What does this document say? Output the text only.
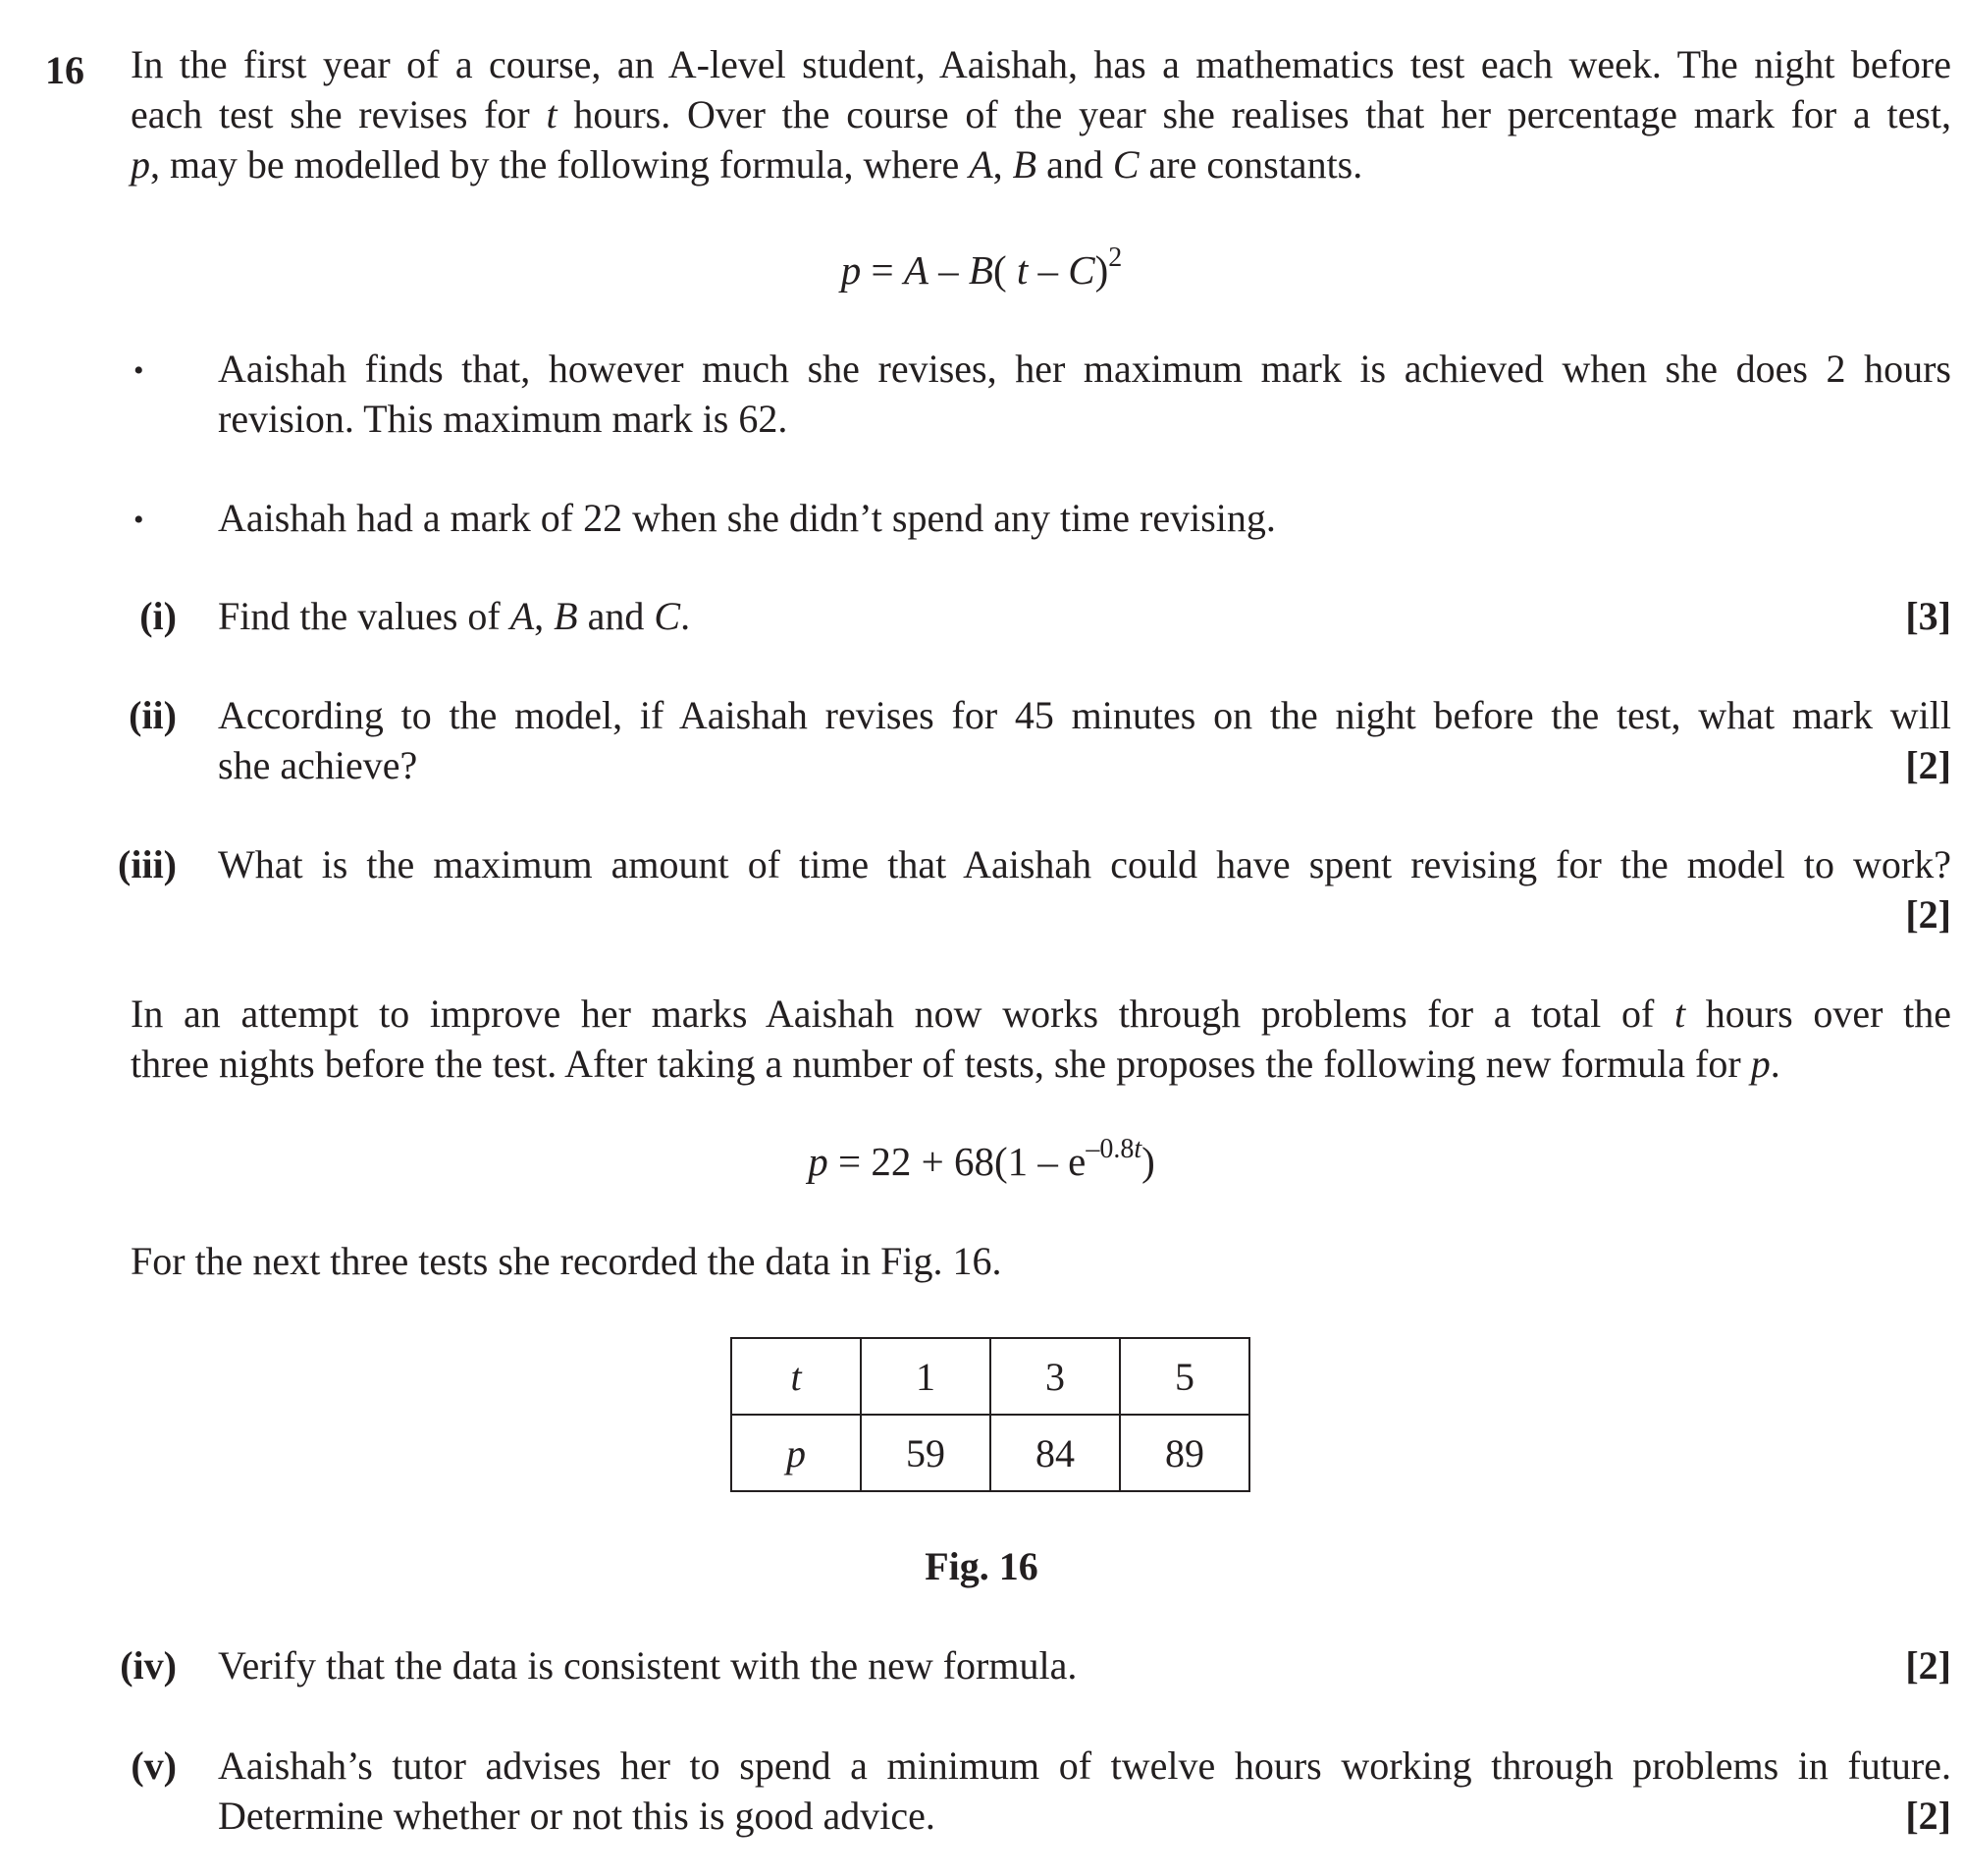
16 In the first year of a course, an A-level student, Aaishah, has a mathematics test each week. The night before
each test she revises for t hours. Over the course of the year she realises that her percentage mark for a test,
p, may be modelled by the following formula, where A, B and C are constants.
p = A – B( t – C)$^2$
• Aaishah finds that, however much she revises, her maximum mark is achieved when she does 2 hours
revision. This maximum mark is 62.
• Aaishah had a mark of 22 when she didn’t spend any time revising.
(i) Find the values of A, B and C.	[3]
(ii) According to the model, if Aaishah revises for 45 minutes on the night before the test, what mark will
she achieve?	[2]
(iii) What is the maximum amount of time that Aaishah could have spent revising for the model to work?
[2]
In an attempt to improve her marks Aaishah now works through problems for a total of t hours over the
three nights before the test. After taking a number of tests, she proposes the following new formula for p.
$p = 22 + 68(1 - e^{-0.8t})$
For the next three tests she recorded the data in Fig. 16.
t	1	3	5
p	59	84	89
Fig. 16
(iv) Verify that the data is consistent with the new formula.	[2]
(v) Aaishah’s tutor advises her to spend a minimum of twelve hours working through problems in future.
Determine whether or not this is good advice.	[2]
